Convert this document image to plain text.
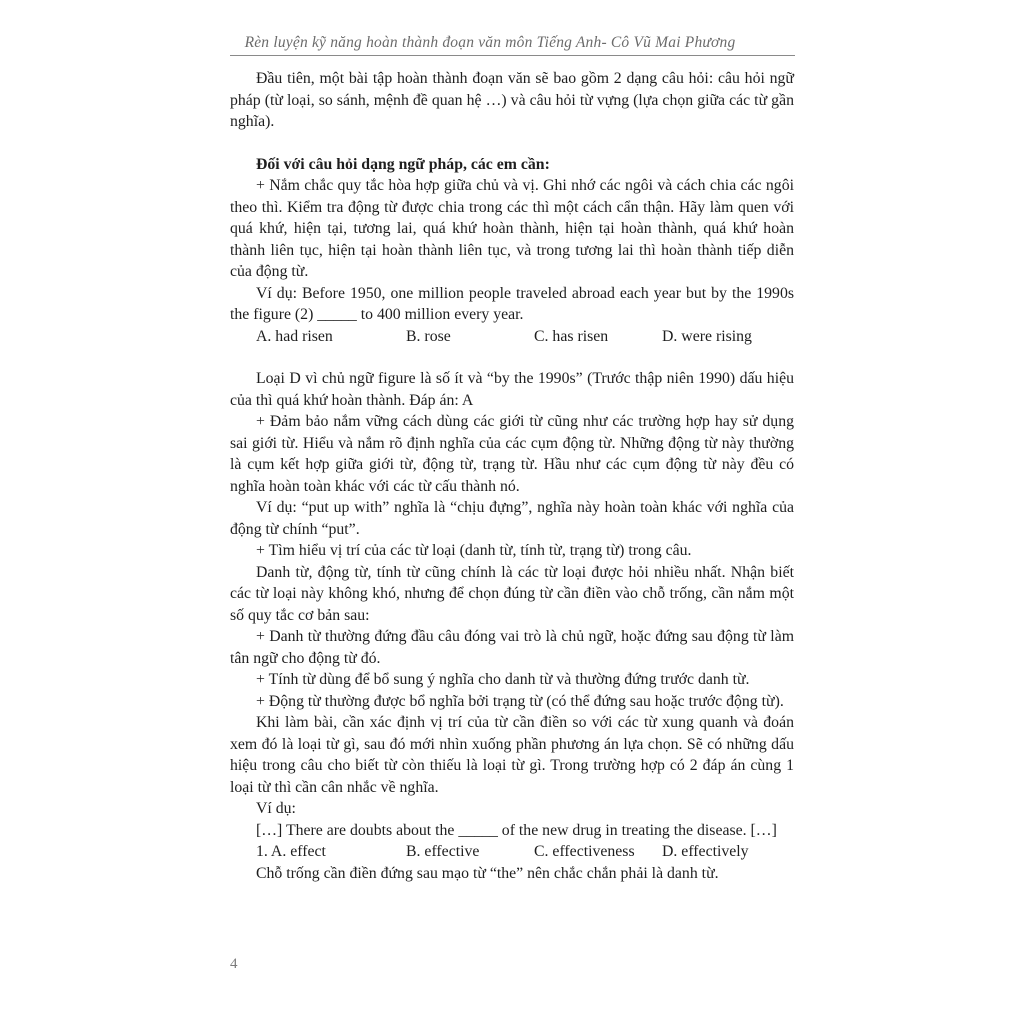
Rèn luyện kỹ năng hoàn thành đoạn văn môn Tiếng Anh- Cô Vũ Mai Phương

Đầu tiên, một bài tập hoàn thành đoạn văn sẽ bao gồm 2 dạng câu hỏi: câu hỏi ngữ pháp (từ loại, so sánh, mệnh đề quan hệ …) và câu hỏi từ vựng (lựa chọn giữa các từ gần nghĩa).

Đối với câu hỏi dạng ngữ pháp, các em cần:

+ Nắm chắc quy tắc hòa hợp giữa chủ và vị. Ghi nhớ các ngôi và cách chia các ngôi theo thì. Kiểm tra động từ được chia trong các thì một cách cẩn thận. Hãy làm quen với quá khứ, hiện tại, tương lai, quá khứ hoàn thành, hiện tại hoàn thành, quá khứ hoàn thành liên tục, hiện tại hoàn thành liên tục, và trong tương lai thì hoàn thành tiếp diễn của động từ.

Ví dụ: Before 1950, one million people traveled abroad each year but by the 1990s the figure (2) _____ to 400 million every year.

A. had risen	B. rose	C. has risen	D. were rising

Loại D vì chủ ngữ figure là số ít và “by the 1990s” (Trước thập niên 1990) dấu hiệu của thì quá khứ hoàn thành. Đáp án: A

+ Đảm bảo nắm vững cách dùng các giới từ cũng như các trường hợp hay sử dụng sai giới từ. Hiểu và nắm rõ định nghĩa của các cụm động từ. Những động từ này thường là cụm kết hợp giữa giới từ, động từ, trạng từ. Hầu như các cụm động từ này đều có nghĩa hoàn toàn khác với các từ cấu thành nó.

Ví dụ: “put up with” nghĩa là “chịu đựng”, nghĩa này hoàn toàn khác với nghĩa của động từ chính “put”.

+ Tìm hiểu vị trí của các từ loại (danh từ, tính từ, trạng từ) trong câu.

Danh từ, động từ, tính từ cũng chính là các từ loại được hỏi nhiều nhất. Nhận biết các từ loại này không khó, nhưng để chọn đúng từ cần điền vào chỗ trống, cần nắm một số quy tắc cơ bản sau:

+ Danh từ thường đứng đầu câu đóng vai trò là chủ ngữ, hoặc đứng sau động từ làm tân ngữ cho động từ đó.

+ Tính từ dùng để bổ sung ý nghĩa cho danh từ và thường đứng trước danh từ.

+ Động từ thường được bổ nghĩa bởi trạng từ (có thể đứng sau hoặc trước động từ).

Khi làm bài, cần xác định vị trí của từ cần điền so với các từ xung quanh và đoán xem đó là loại từ gì, sau đó mới nhìn xuống phần phương án lựa chọn. Sẽ có những dấu hiệu trong câu cho biết từ còn thiếu là loại từ gì. Trong trường hợp có 2 đáp án cùng 1 loại từ thì cần cân nhắc về nghĩa.

Ví dụ:

[…] There are doubts about the _____ of the new drug in treating the disease. […]

1. A. effect	B. effective	C. effectiveness	D. effectively

Chỗ trống cần điền đứng sau mạo từ “the” nên chắc chắn phải là danh từ.

4
